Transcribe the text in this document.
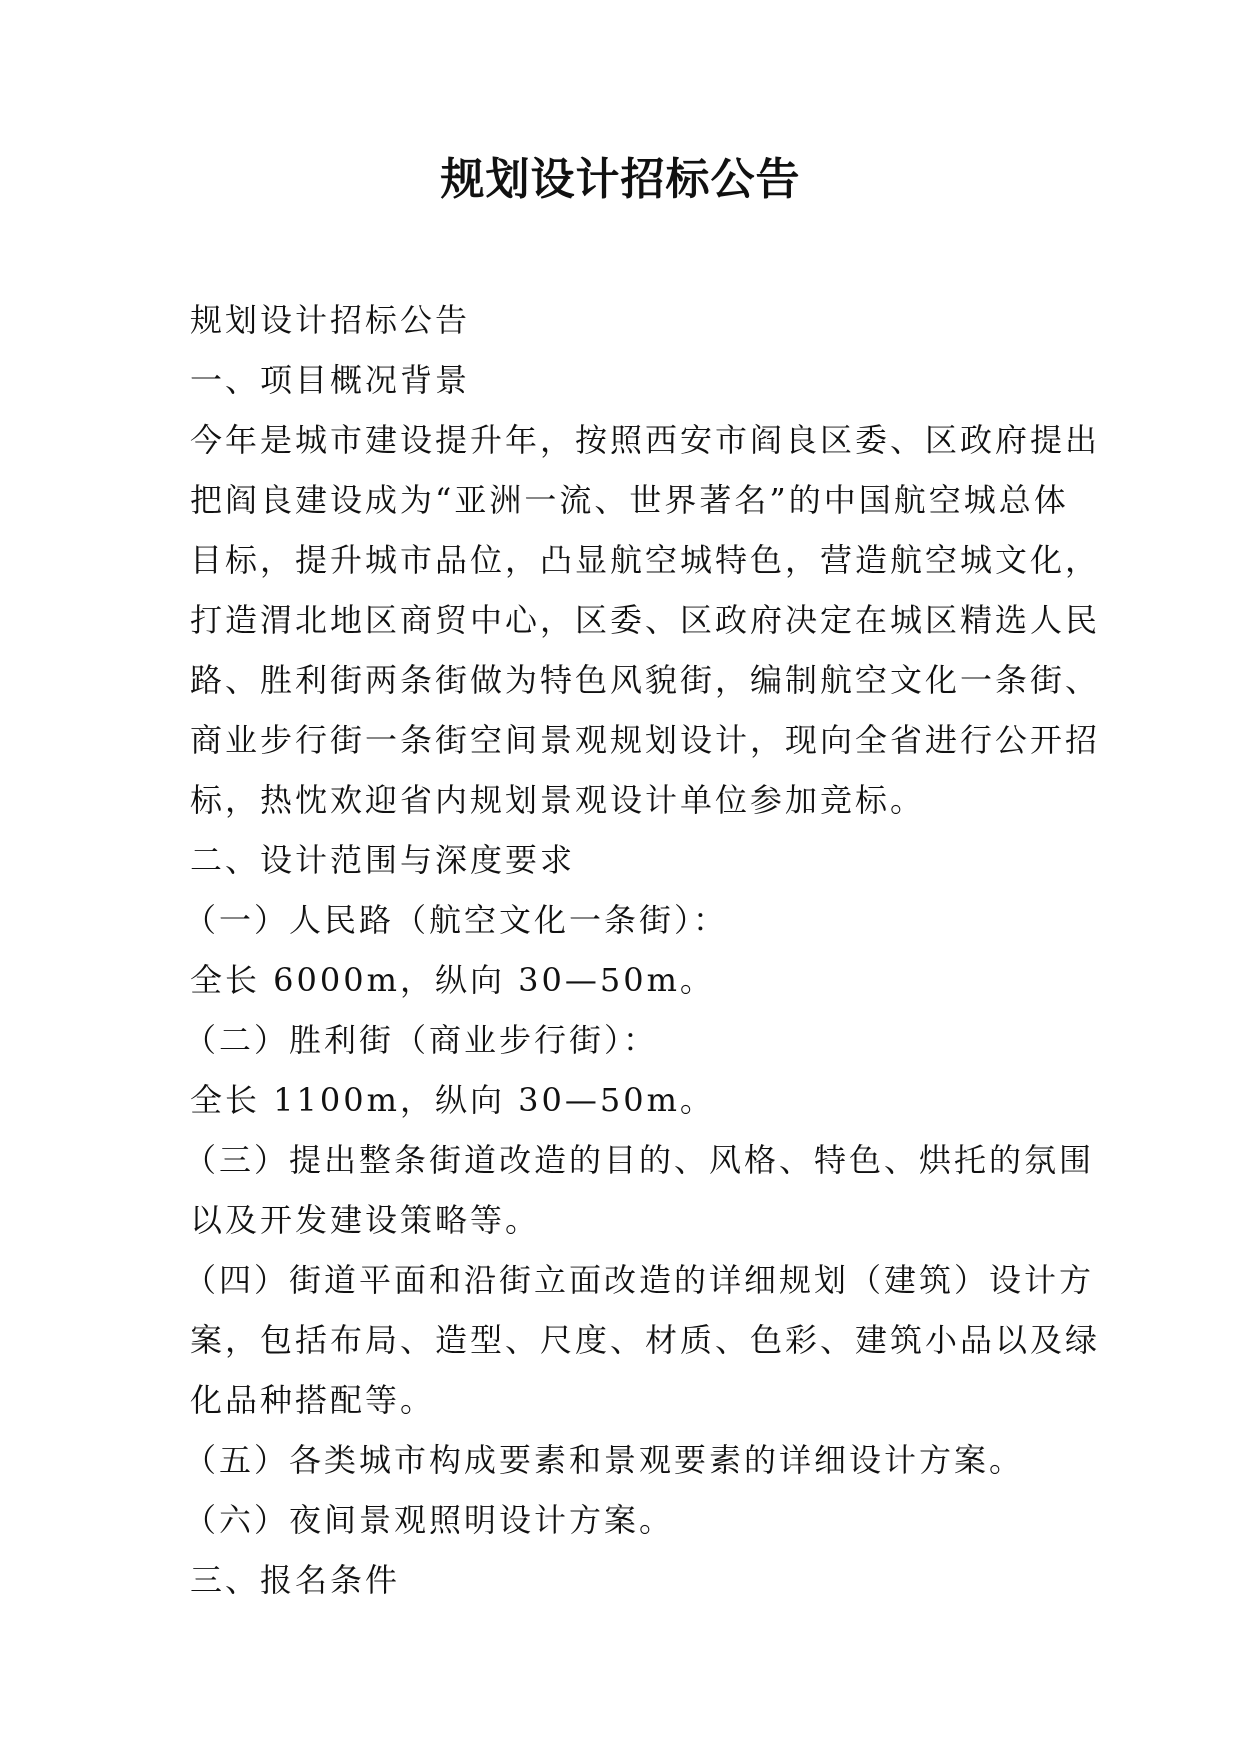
规划设计招标公告
规划设计招标公告
一、项目概况背景
今年是城市建设提升年，按照西安市阎良区委、区政府提出
把阎良建设成为“亚洲一流、世界著名”的中国航空城总体
目标，提升城市品位，凸显航空城特色，营造航空城文化，
打造渭北地区商贸中心，区委、区政府决定在城区精选人民
路、胜利街两条街做为特色风貌街，编制航空文化一条街、
商业步行街一条街空间景观规划设计，现向全省进行公开招
标，热忱欢迎省内规划景观设计单位参加竞标。
二、设计范围与深度要求
（一）人民路（航空文化一条街）：
全长 6000m，纵向 30—50m。
（二）胜利街（商业步行街）：
全长 1100m，纵向 30—50m。
（三）提出整条街道改造的目的、风格、特色、烘托的氛围
以及开发建设策略等。
（四）街道平面和沿街立面改造的详细规划（建筑）设计方
案，包括布局、造型、尺度、材质、色彩、建筑小品以及绿
化品种搭配等。
（五）各类城市构成要素和景观要素的详细设计方案。
（六）夜间景观照明设计方案。
三、报名条件
